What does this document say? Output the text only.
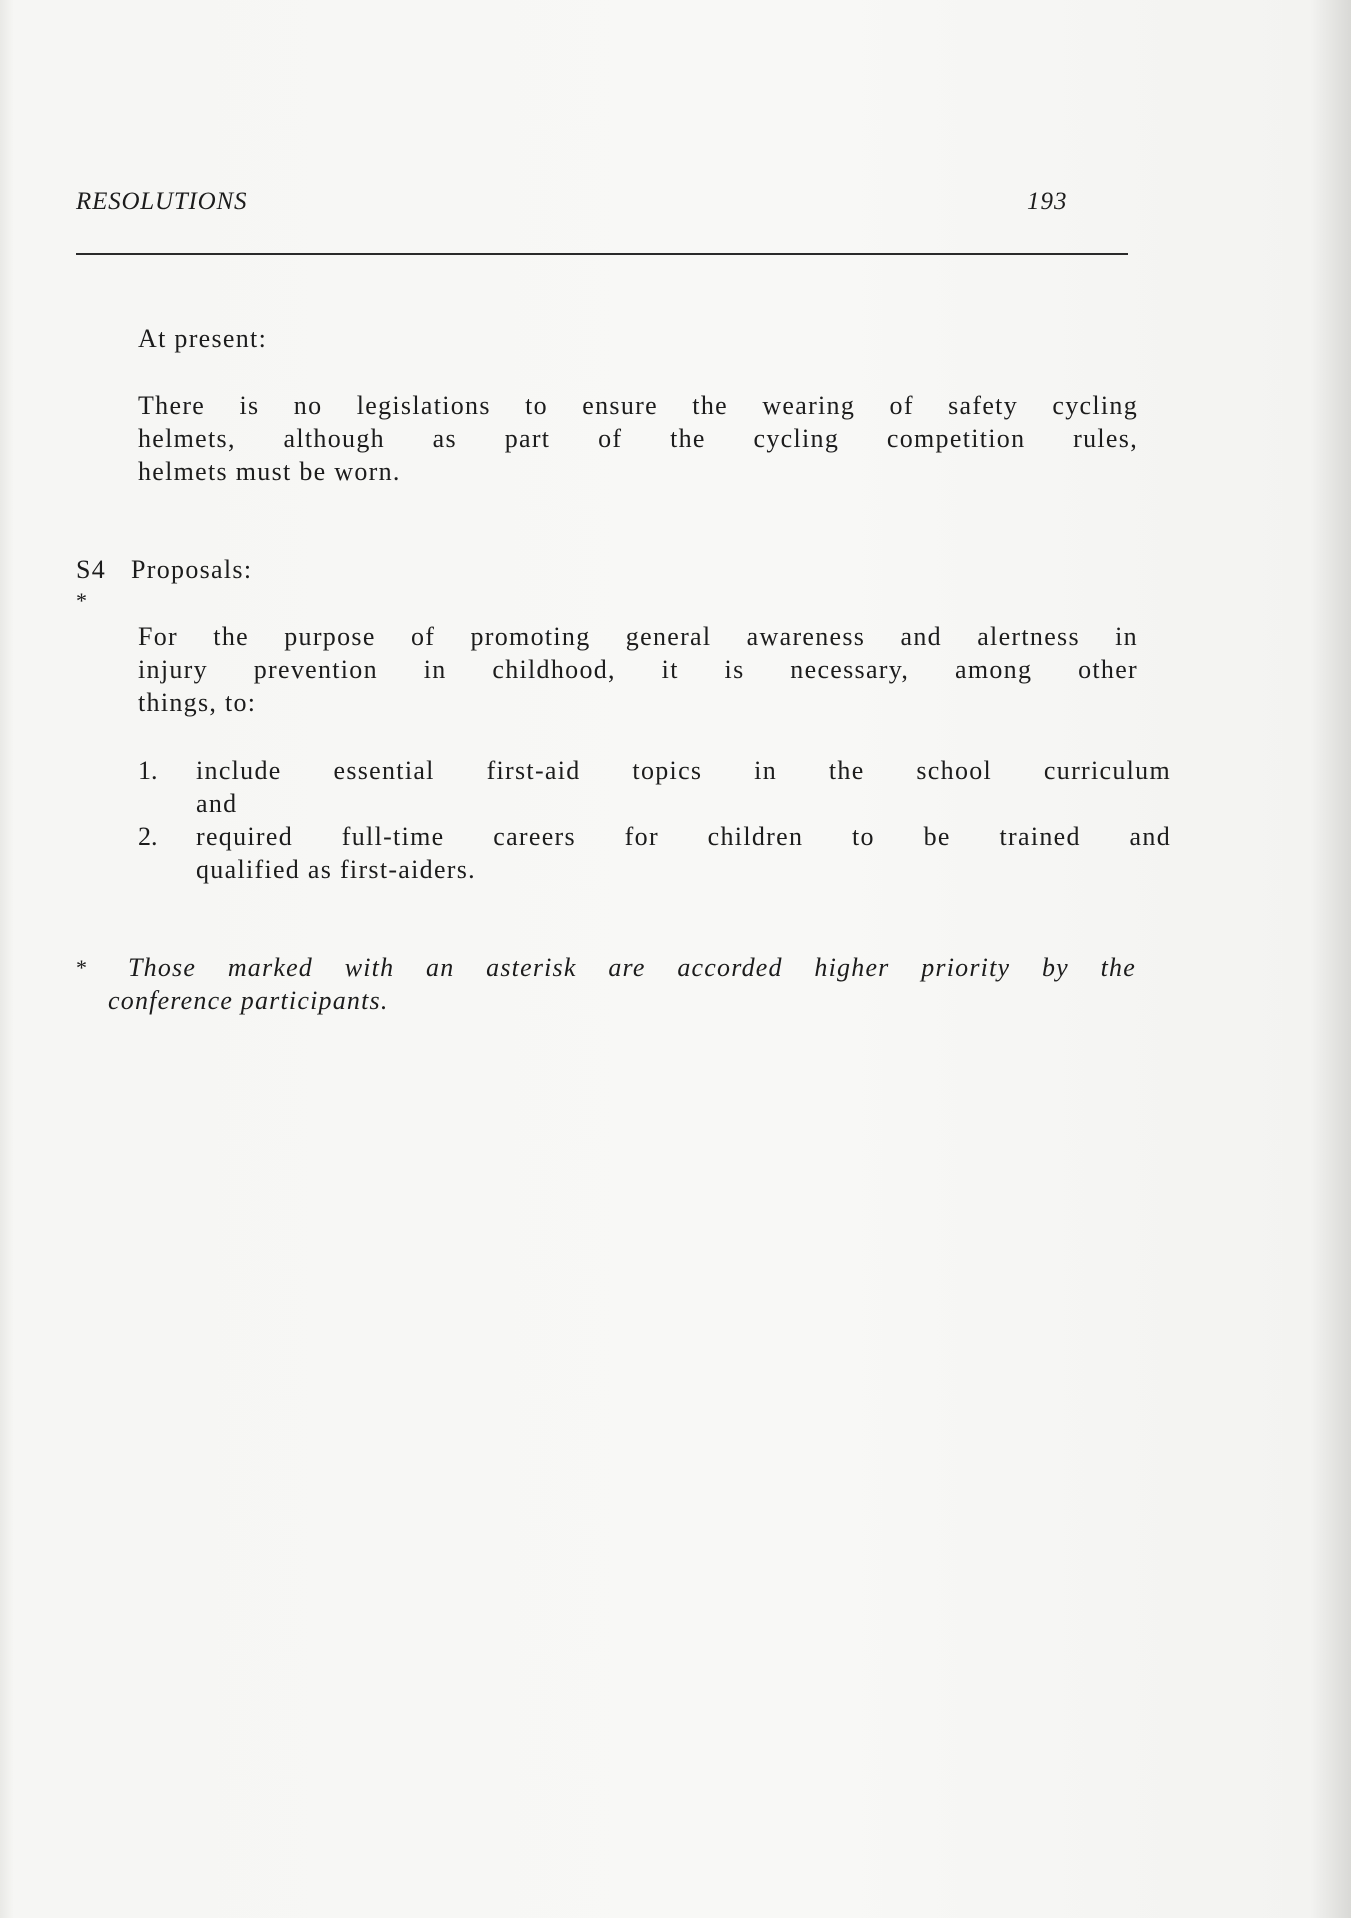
RESOLUTIONS	193

At present:

There is no legislations to ensure the wearing of safety cycling
helmets, although as part of the cycling competition rules,
helmets must be worn.

S4 Proposals:

*

For the purpose of promoting general awareness and alertness in
injury prevention in childhood, it is necessary, among other
things, to:

1. include essential first-aid topics in the school curriculum
and

2. required full-time careers for children to be trained and
qualified as first-aiders.

*	Those marked with an asterisk are accorded higher priority by the
conference participants.
